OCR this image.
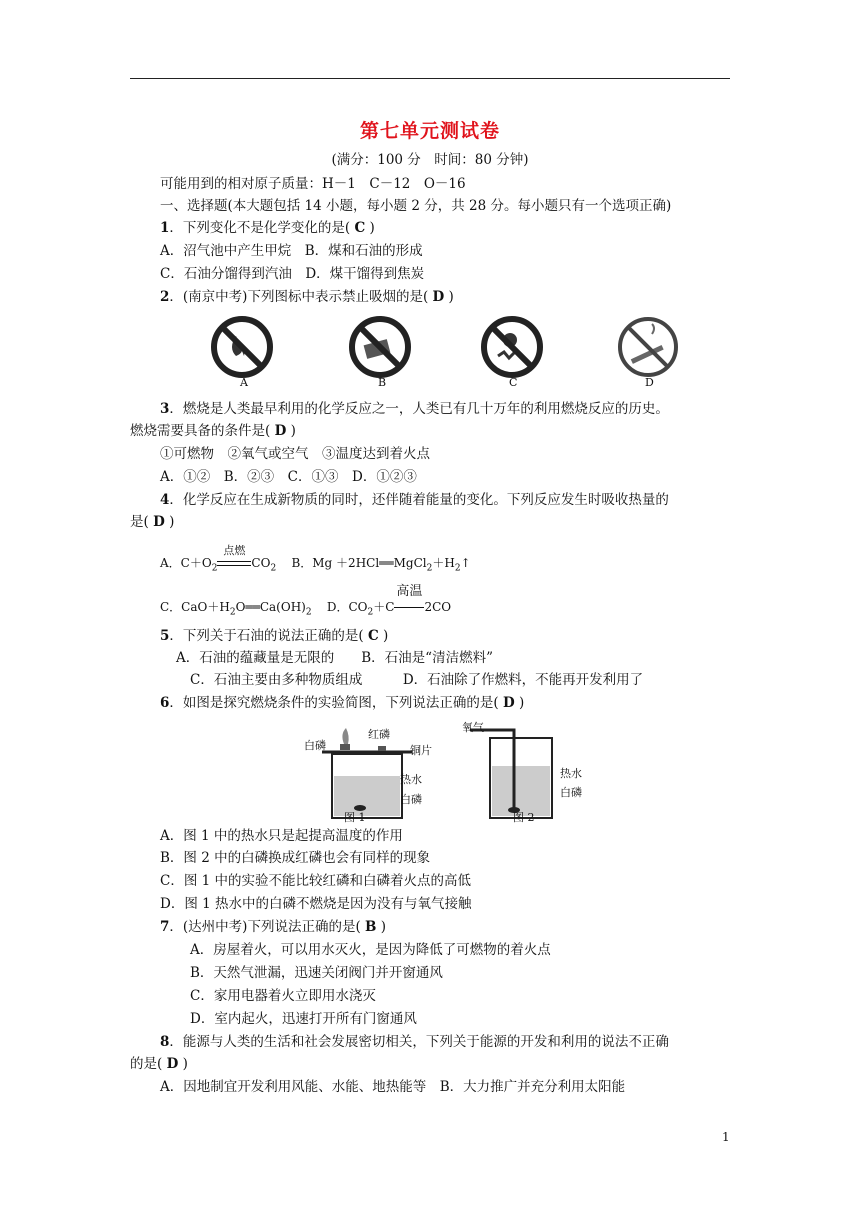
第七单元测试卷
(满分：100 分　时间：80 分钟)
可能用到的相对原子质量：H－1　C－12　O－16
一、选择题(本大题包括 14 小题，每小题 2 分，共 28 分。每小题只有一个选项正确)
1．下列变化不是化学变化的是( C )
A．沼气池中产生甲烷　B．煤和石油的形成
C．石油分馏得到汽油　D．煤干馏得到焦炭
2．(南京中考)下列图标中表示禁止吸烟的是( D )
A	B	C	D
3．燃烧是人类最早利用的化学反应之一，人类已有几十万年的利用燃烧反应的历史。
燃烧需要具备的条件是( D )
①可燃物　②氧气或空气　③温度达到着火点
A．①②　B．②③　C．①③　D．①②③
4．化学反应在生成新物质的同时，还伴随着能量的变化。下列反应发生时吸收热量的
是( D )
A．$C+O_2$
点燃
$CO_2$ B．$Mg +2HCl══MgCl_2+H_2↑$
C．$CaO+H_2O══Ca(OH)_2$ D．$CO_2+C$
高温
2CO
5．下列关于石油的说法正确的是( C )
A．石油的蕴藏量是无限的　　B．石油是“清洁燃料”
C．石油主要由多种物质组成　　　D．石油除了作燃料，不能再开发利用了
6．如图是探究燃烧条件的实验简图，下列说法正确的是( D )
白磷
红磷
铜片
热水
白磷
图 1
氧气
热水
白磷
图 2
A．图 1 中的热水只是起提高温度的作用
B．图 2 中的白磷换成红磷也会有同样的现象
C．图 1 中的实验不能比较红磷和白磷着火点的高低
D．图 1 热水中的白磷不燃烧是因为没有与氧气接触
7．(达州中考)下列说法正确的是( B )
A．房屋着火，可以用水灭火，是因为降低了可燃物的着火点
B．天然气泄漏，迅速关闭阀门并开窗通风
C．家用电器着火立即用水浇灭
D．室内起火，迅速打开所有门窗通风
8．能源与人类的生活和社会发展密切相关，下列关于能源的开发和利用的说法不正确
的是( D )
A．因地制宜开发利用风能、水能、地热能等　B．大力推广并充分利用太阳能
1
